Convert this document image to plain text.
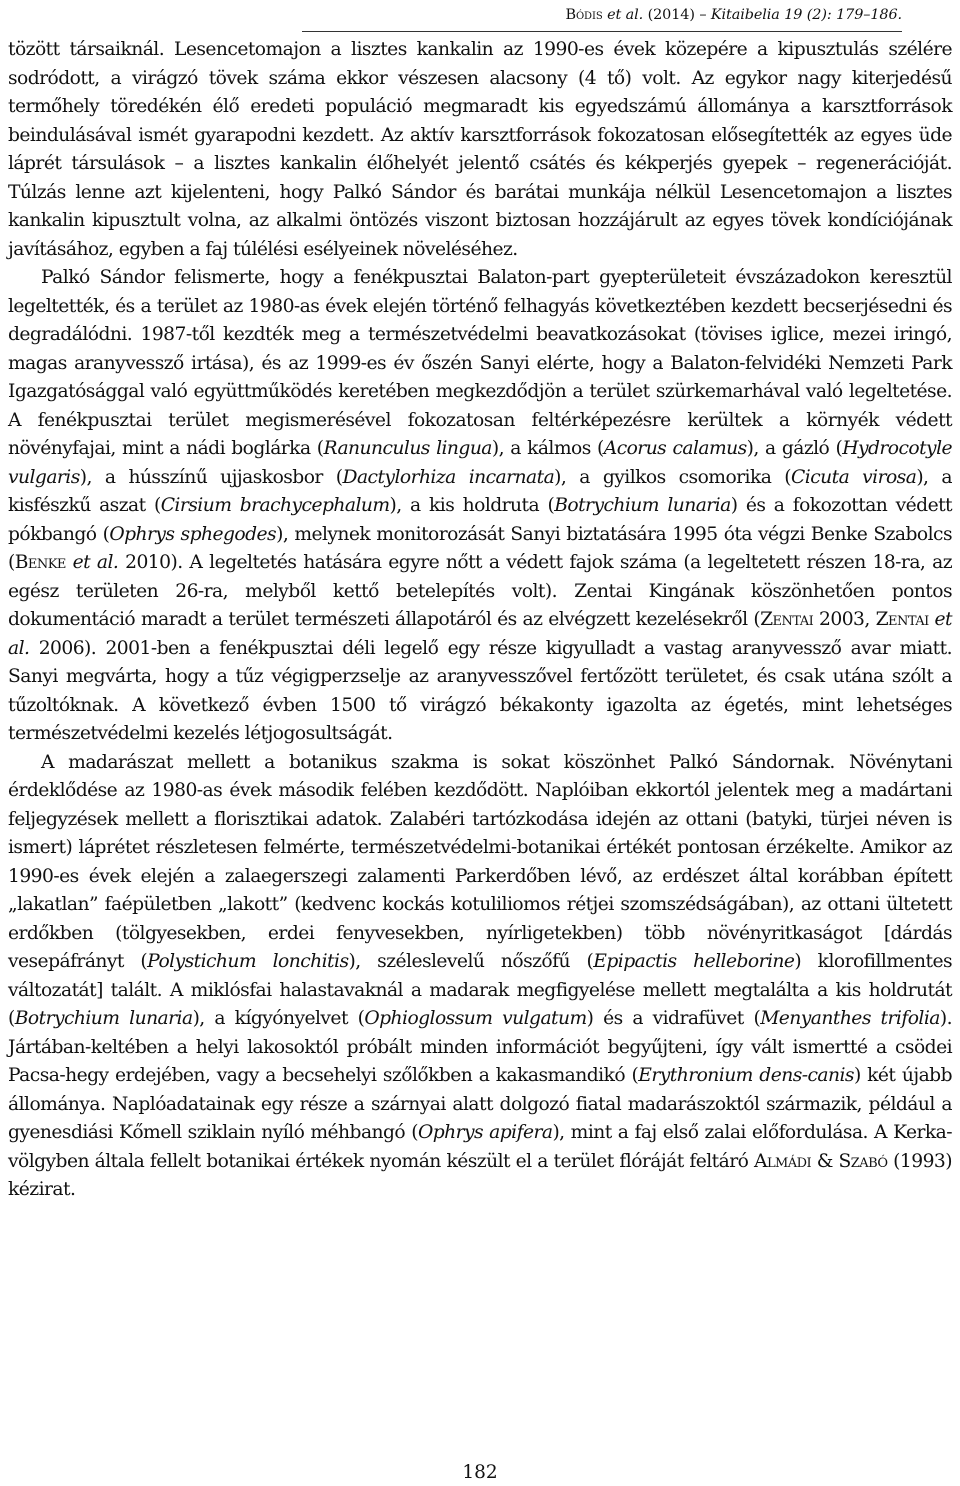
Bódis et al. (2014) – Kitaibelia 19 (2): 179–186.

tözött társaiknál. Lesencetomajon a lisztes kankalin az 1990-es évek közepére a kipusztulás szélére sodródott, a virágzó tövek száma ekkor vészesen alacsony (4 tő) volt. Az egykor nagy kiterjedésű termőhely töredékén élő eredeti populáció megmaradt kis egyedszámú állománya a karsztforrások beindulásával ismét gyarapodni kezdett. Az aktív karsztforrások fokozatosan elősegítették az egyes üde láprét társulások – a lisztes kankalin élőhelyét jelentő csátés és kékperjés gyepek – regenerációját. Túlzás lenne azt kijelenteni, hogy Palkó Sándor és barátai munkája nélkül Lesencetomajon a lisztes kankalin kipusztult volna, az alkalmi öntözés viszont biztosan hozzájárult az egyes tövek kondíciójának javításához, egyben a faj túlélési esélyeinek növeléséhez.

Palkó Sándor felismerte, hogy a fenékpusztai Balaton-part gyepterületeit évszázadokon keresztül legeltették, és a terület az 1980-as évek elején történő felhagyás következtében kezdett becserjésedni és degradálódni. 1987-től kezdték meg a természetvédelmi beavatkozásokat (tövises iglice, mezei iringó, magas aranyvessző irtása), és az 1999-es év őszén Sanyi elérte, hogy a Balaton-felvidéki Nemzeti Park Igazgatósággal való együttműködés keretében megkezdődjön a terület szürkemarhával való legeltetése. A fenékpusztai terület megismerésével fokozatosan feltérképezésre kerültek a környék védett növényfajai, mint a nádi boglárka (Ranunculus lingua), a kálmos (Acorus calamus), a gázló (Hydrocotyle vulgaris), a hússzínű ujjaskosbor (Dactylorhiza incarnata), a gyilkos csomorika (Cicuta virosa), a kisfészkű aszat (Cirsium brachycephalum), a kis holdruta (Botrychium lunaria) és a fokozottan védett pókbangó (Ophrys sphegodes), melynek monitorozását Sanyi biztatására 1995 óta végzi Benke Szabolcs (Benke et al. 2010). A legeltetés hatására egyre nőtt a védett fajok száma (a legeltetett részen 18-ra, az egész területen 26-ra, melyből kettő betelepítés volt). Zentai Kingának köszönhetően pontos dokumentáció maradt a terület természeti állapotáról és az elvégzett kezelésekről (Zentai 2003, Zentai et al. 2006). 2001-ben a fenékpusztai déli legelő egy része kigyulladt a vastag aranyvessző avar miatt. Sanyi megvárta, hogy a tűz végigperzselje az aranyvesszővel fertőzött területet, és csak utána szólt a tűzoltóknak. A következő évben 1500 tő virágzó békakonty igazolta az égetés, mint lehetséges természetvédelmi kezelés létjogosultságát.

A madarászat mellett a botanikus szakma is sokat köszönhet Palkó Sándornak. Növénytani érdeklődése az 1980-as évek második felében kezdődött. Naplóiban ekkortól jelentek meg a madártani feljegyzések mellett a florisztikai adatok. Zalabéri tartózkodása idején az ottani (batyki, türjei néven is ismert) láprétet részletesen felmérte, természetvédelmi-botanikai értékét pontosan érzékelte. Amikor az 1990-es évek elején a zalaegerszegi zalamenti Parkerdőben lévő, az erdészet által korábban épített „lakatlan” faépületben „lakott” (kedvenc kockás kotuliliomos rétjei szomszédságában), az ottani ültetett erdőkben (tölgyesekben, erdei fenyvesekben, nyírligetekben) több növényritkaságot [dárdás vesepáfrányt (Polystichum lonchitis), széleslevelű nőszőfű (Epipactis helleborine) klorofillmentes változatát] talált. A miklósfai halastavaknál a madarak megfigyelése mellett megtalálta a kis holdrutát (Botrychium lunaria), a kígyónyelvet (Ophioglossum vulgatum) és a vidrafüvet (Menyanthes trifolia). Jártában-keltében a helyi lakosoktól próbált minden információt begyűjteni, így vált ismertté a csödei Pacsa-hegy erdejében, vagy a becsehelyi szőlőkben a kakasmandikó (Erythronium dens-canis) két újabb állománya. Naplóadatainak egy része a szárnyai alatt dolgozó fiatal madarászoktól származik, például a gyenesdiási Kőmell sziklain nyíló méhbangó (Ophrys apifera), mint a faj első zalai előfordulása. A Kerka-völgyben általa fellelt botanikai értékek nyomán készült el a terület flóráját feltáró Almádi & Szabó (1993) kézirat.

182
